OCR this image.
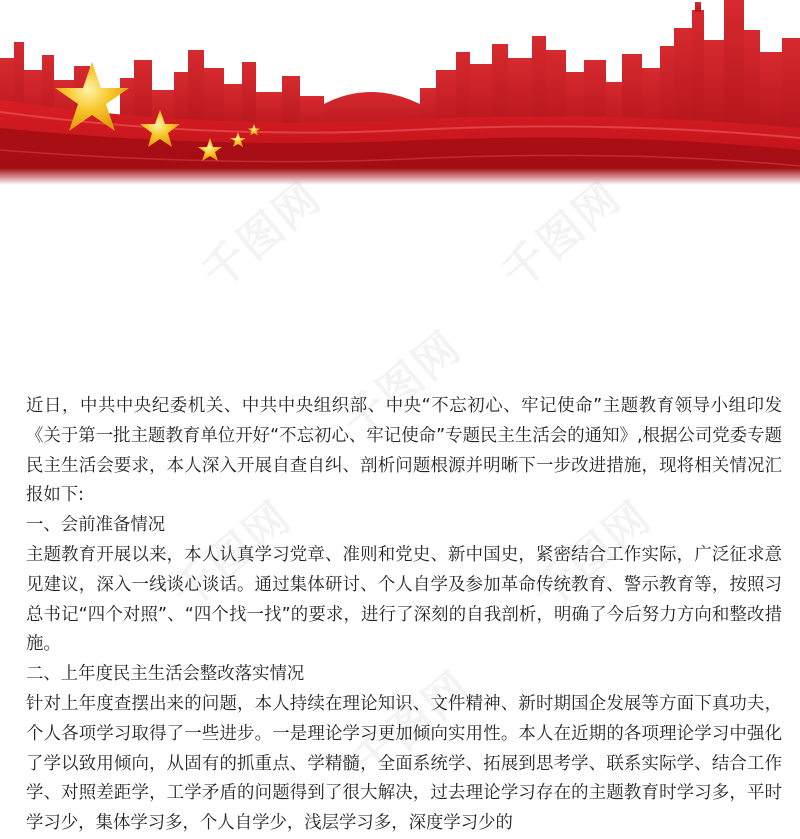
千图网	千图网
千图网
千图网	千图网
千图网

近日，中共中央纪委机关、中共中央组织部、中央“不忘初心、牢记使命”主题教育领导小组印发《关于第一批主题教育单位开好“不忘初心、牢记使命”专题民主生活会的通知》,根据公司党委专题民主生活会要求，本人深入开展自查自纠、剖析问题根源并明晰下一步改进措施，现将相关情况汇报如下:

一、会前准备情况

主题教育开展以来，本人认真学习党章、准则和党史、新中国史，紧密结合工作实际，广泛征求意见建议，深入一线谈心谈话。通过集体研讨、个人自学及参加革命传统教育、警示教育等，按照习总书记“四个对照”、“四个找一找”的要求，进行了深刻的自我剖析，明确了今后努力方向和整改措施。

二、上年度民主生活会整改落实情况

针对上年度查摆出来的问题，本人持续在理论知识、文件精神、新时期国企发展等方面下真功夫，个人各项学习取得了一些进步。一是理论学习更加倾向实用性。本人在近期的各项理论学习中强化了学以致用倾向，从固有的抓重点、学精髓，全面系统学、拓展到思考学、联系实际学、结合工作学、对照差距学，工学矛盾的问题得到了很大解决，过去理论学习存在的主题教育时学习多，平时学习少，集体学习多，个人自学少，浅层学习多，深度学习少的
